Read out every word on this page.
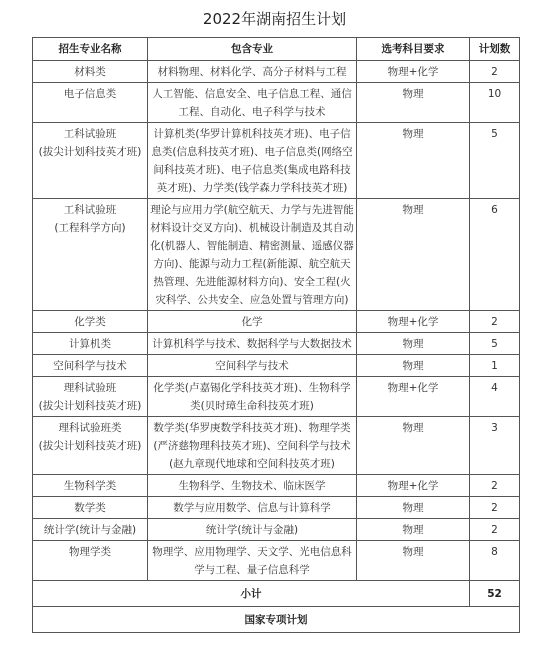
2022年湖南招生计划
招生专业名称	包含专业	选考科目要求	计划数

材料类	材料物理、材料化学、高分子材料与工程	物理+化学	2

电子信息类	人工智能、信息安全、电子信息工程、通信工程、自动化、电子科学与技术	物理	10

工科试验班
(拔尖计划科技英才班)	计算机类(华罗计算机科技英才班)、电子信息类(信息科技英才班)、电子信息类(网络空间科技英才班)、电子信息类(集成电路科技英才班)、力学类(钱学森力学科技英才班)	物理	5

工科试验班
(工程科学方向)	理论与应用力学(航空航天、力学与先进智能材料设计交叉方向)、机械设计制造及其自动化(机器人、智能制造、精密测量、遥感仪器方向)、能源与动力工程(新能源、航空航天热管理、先进能源材料方向)、安全工程(火灾科学、公共安全、应急处置与管理方向)	物理	6

化学类	化学	物理+化学	2

计算机类	计算机科学与技术、数据科学与大数据技术	物理	5

空间科学与技术	空间科学与技术	物理	1

理科试验班
(拔尖计划科技英才班)	化学类(卢嘉锡化学科技英才班)、生物科学类(贝时璋生命科技英才班)	物理+化学	4

理科试验班类
(拔尖计划科技英才班)	数学类(华罗庚数学科技英才班)、物理学类(严济慈物理科技英才班)、空间科学与技术(赵九章现代地球和空间科技英才班)	物理	3

生物科学类	生物科学、生物技术、临床医学	物理+化学	2

数学类	数学与应用数学、信息与计算科学	物理	2

统计学(统计与金融)	统计学(统计与金融)	物理	2

物理学类	物理学、应用物理学、天文学、光电信息科学与工程、量子信息科学	物理	8
小计			52
国家专项计划			
